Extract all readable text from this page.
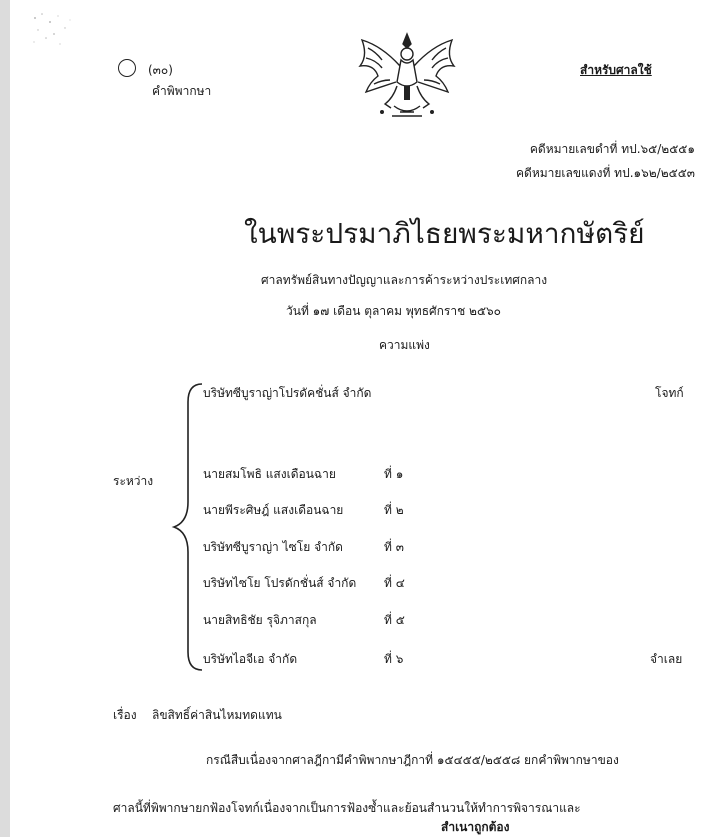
(๓๐)
คำพิพากษา
สำหรับศาลใช้
คดีหมายเลขดำที่ ทป.๖๕/๒๕๕๑
คดีหมายเลขแดงที่ ทป.๑๖๒/๒๕๕๓
ในพระปรมาภิไธยพระมหากษัตริย์
ศาลทรัพย์สินทางปัญญาและการค้าระหว่างประเทศกลาง
วันที่ ๑๗ เดือน ตุลาคม พุทธศักราช ๒๕๖๐
ความแพ่ง
ระหว่าง
บริษัทซีบูราญ่าโปรดัคชั่นส์ จำกัด	โจทก์
นายสมโพธิ แสงเดือนฉาย	ที่ ๑
นายพีระศิษฎ์ แสงเดือนฉาย	ที่ ๒
บริษัทซีบูราญ่า ไซโย จำกัด	ที่ ๓
บริษัทไซโย โปรดักชั่นส์ จำกัด ที่ ๔
นายสิทธิชัย รุจิภาสกุล	ที่ ๕
บริษัทไอจีเอ จำกัด	ที่ ๖	จำเลย
เรื่อง ลิขสิทธิ์ค่าสินไหมทดแทน
กรณีสืบเนื่องจากศาลฎีกามีคำพิพากษาฎีกาที่ ๑๕๔๕๕/๒๕๕๘ ยกคำพิพากษาของ
ศาลนี้ที่พิพากษายกฟ้องโจทก์เนื่องจากเป็นการฟ้องซ้ำและย้อนสำนวนให้ทำการพิจารณาและ
สำเนาถูกต้อง
